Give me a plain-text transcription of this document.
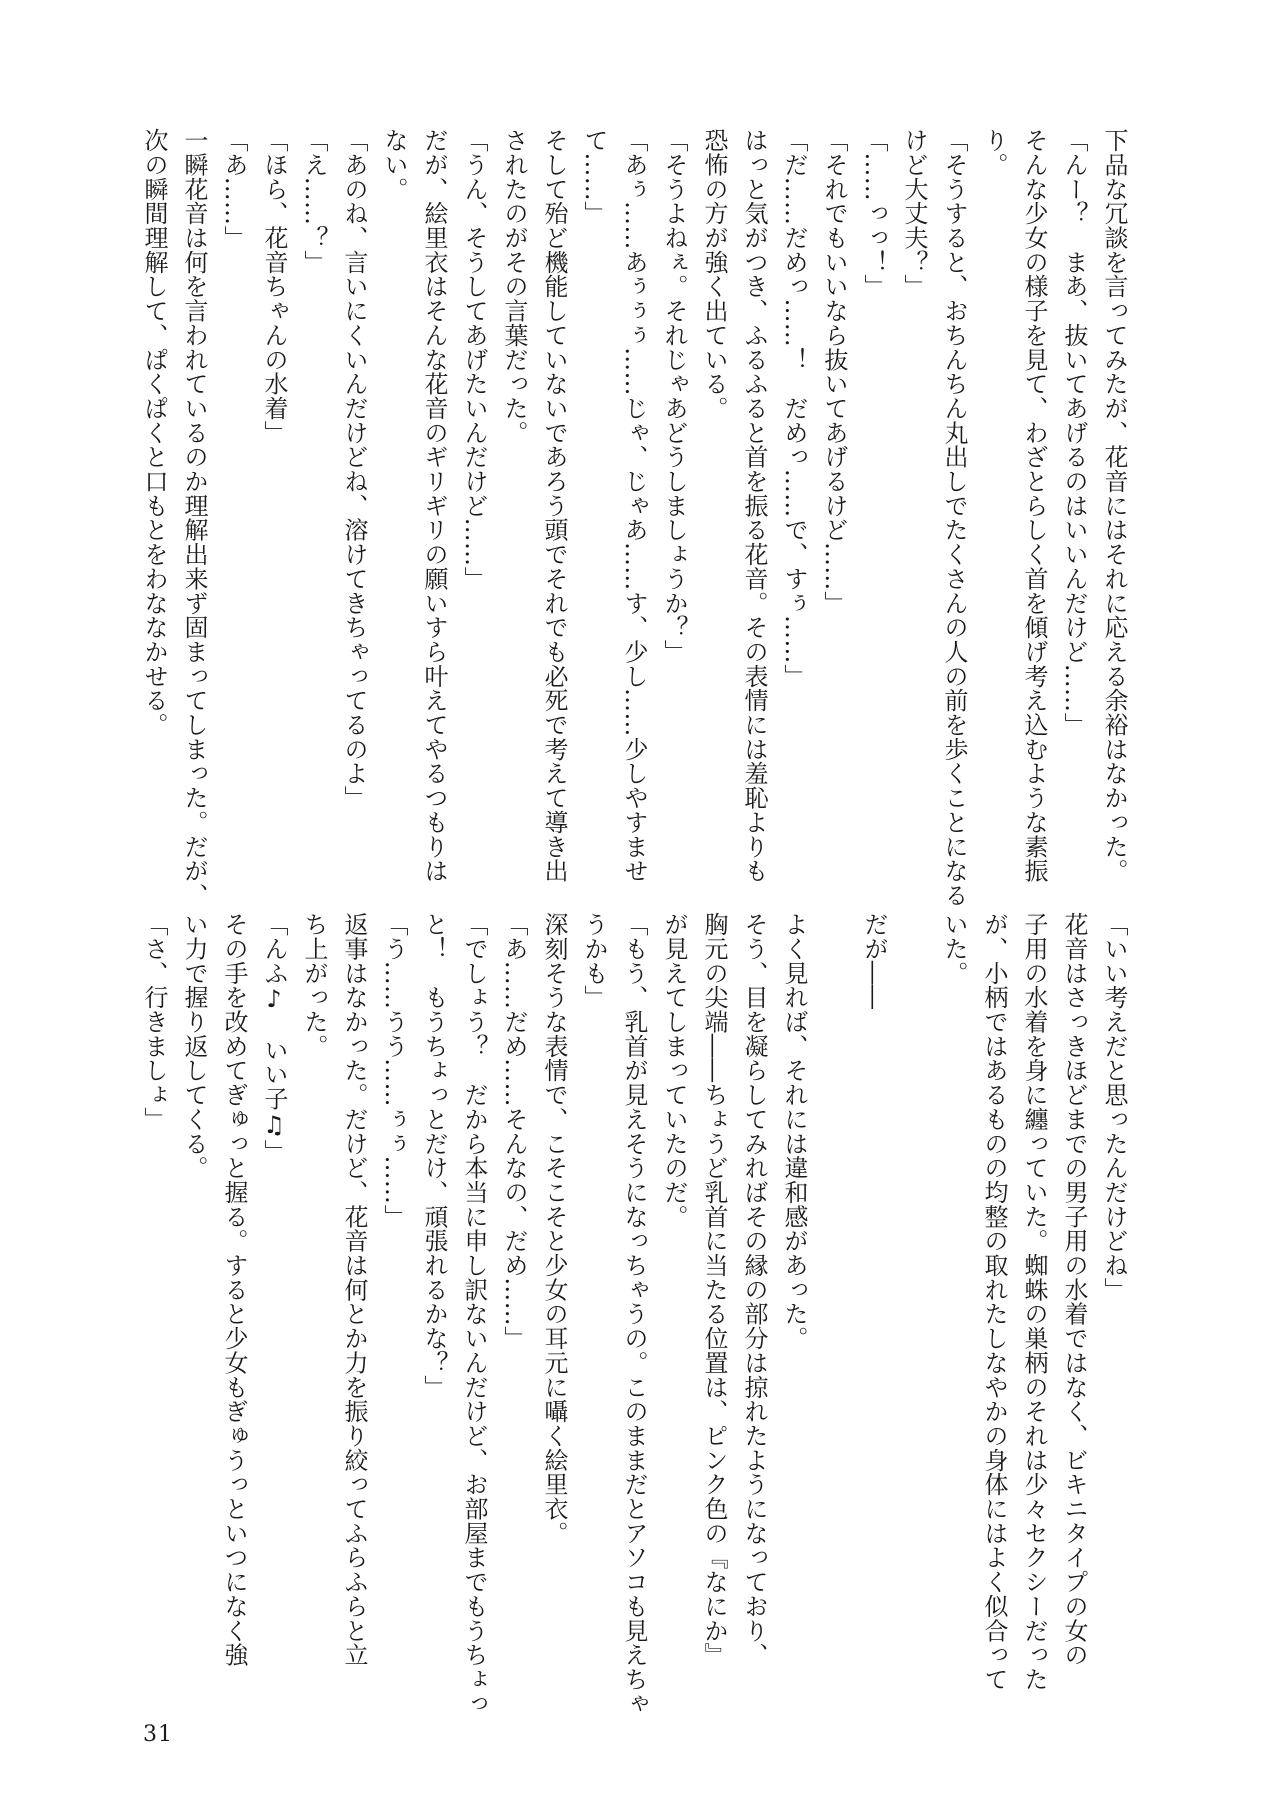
下品な冗談を言ってみたが、花音にはそれに応える余裕はなかった。
「んー？　まあ、抜いてあげるのはいいんだけど……」
そんな少女の様子を見て、わざとらしく首を傾げ考え込むような素振
り。
「そうすると、おちんちん丸出しでたくさんの人の前を歩くことになる
けど大丈夫？」
「……っっ！」
「それでもいいなら抜いてあげるけど……」
「だ……だめっ……！　だめっ……で、すぅ……」
はっと気がつき、ふるふると首を振る花音。その表情には羞恥よりも
恐怖の方が強く出ている。
「そうよねぇ。それじゃあどうしましょうか？」
「あぅ……あぅぅぅ……じゃ、じゃあ……す、少し……少しやすませ
て……」
そして殆ど機能していないであろう頭でそれでも必死で考えて導き出
されたのがその言葉だった。
「うん、そうしてあげたいんだけど……」
だが、絵里衣はそんな花音のギリギリの願いすら叶えてやるつもりは
ない。
「あのね、言いにくいんだけどね、溶けてきちゃってるのよ」
「え……？」
「ほら、花音ちゃんの水着」
「あ……」
一瞬花音は何を言われているのか理解出来ず固まってしまった。だが、
次の瞬間理解して、ぱくぱくと口もとをわななかせる。
「いい考えだと思ったんだけどね」
花音はさっきほどまでの男子用の水着ではなく、ビキニタイプの女の
子用の水着を身に纏っていた。蜘蛛の巣柄のそれは少々セクシーだった
が、小柄ではあるものの均整の取れたしなやかの身体にはよく似合って
いた。

だが――

よく見れば、それには違和感があった。
そう、目を凝らしてみればその縁の部分は掠れたようになっており、
胸元の尖端――ちょうど乳首に当たる位置は、ピンク色の『なにか』
が見えてしまっていたのだ。
「もう、乳首が見えそうになっちゃうの。このままだとアソコも見えちゃ
うかも」
深刻そうな表情で、こそこそと少女の耳元に囁く絵里衣。
「あ……だめ……そんなの、だめ……」
「でしょう？　だから本当に申し訳ないんだけど、お部屋までもうちょっ
と！　もうちょっとだけ、頑張れるかな？」
「う……うう……ぅぅ……」
返事はなかった。だけど、花音は何とか力を振り絞ってふらふらと立
ち上がった。
「んふ♪　いい子♫」
その手を改めてぎゅっと握る。すると少女もぎゅうっといつになく強
い力で握り返してくる。
「さ、行きましょ」
31
